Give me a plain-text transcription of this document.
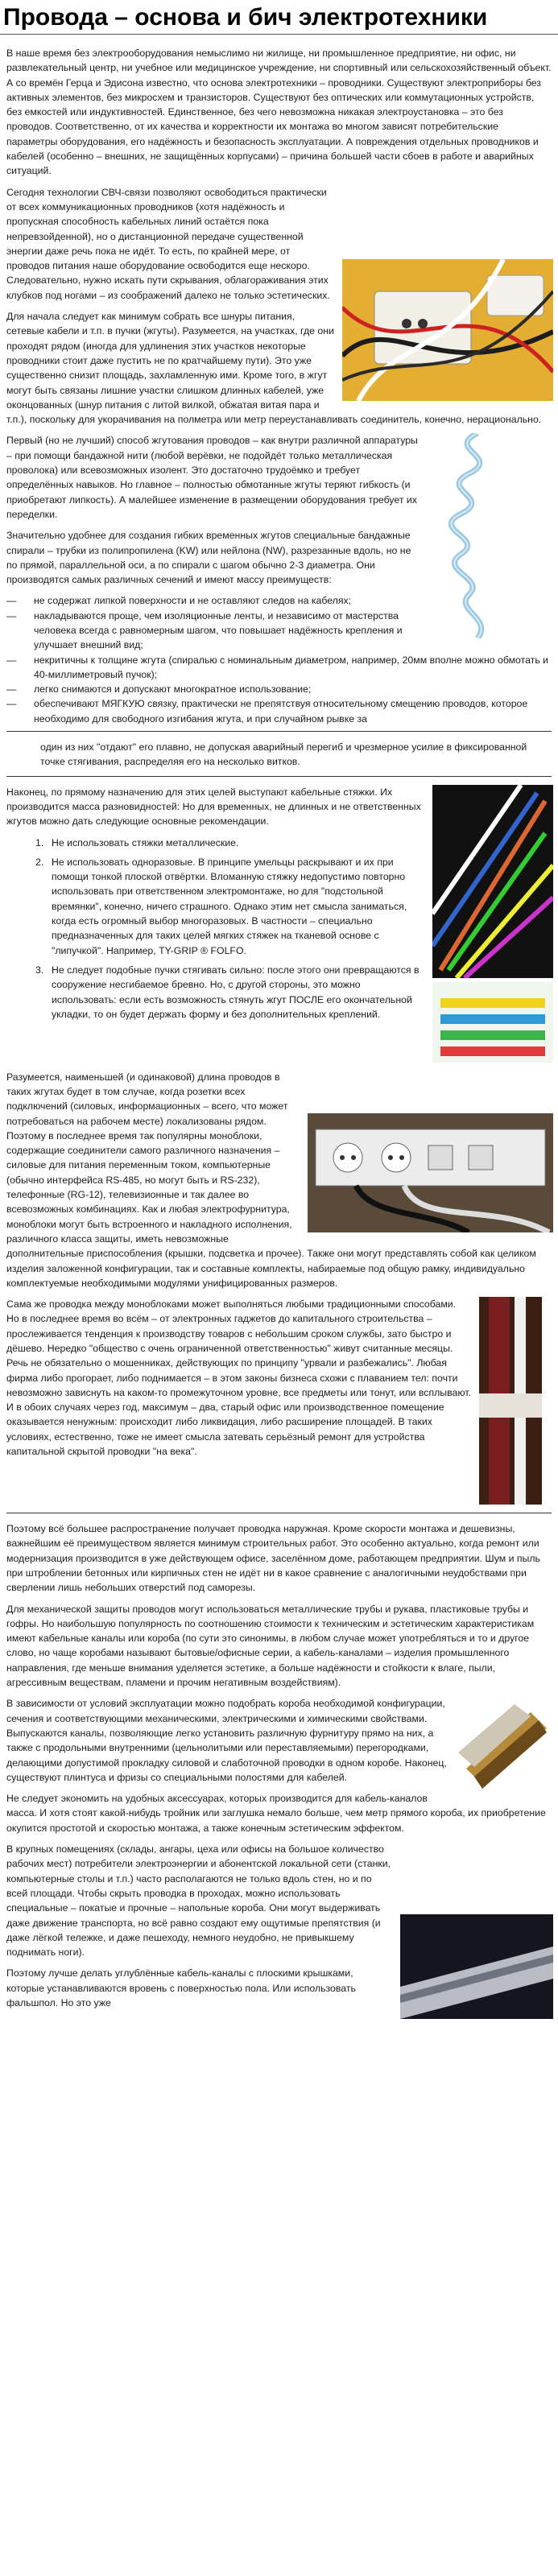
Провода – основа и бич электротехники

В наше время без электрооборудования немыслимо ни жилище, ни промышленное предприятие, ни офис, ни развлекательный центр, ни учебное или медицинское учреждение, ни спортивный или сельскохозяйственный объект. А со времён Герца и Эдисона известно, что основа электротехники – проводники. Существуют электроприборы без активных элементов, без микросхем и транзисторов. Существуют без оптических или коммутационных устройств, без емкостей или индуктивностей. Единственное, без чего невозможна никакая электроустановка – это без проводов. Соответственно, от их качества и корректности их монтажа во многом зависят потребительские параметры оборудования, его надёжность и безопасность эксплуатации. А повреждения отдельных проводников и кабелей (особенно – внешних, не защищённых корпусами) – причина большей части сбоев в работе и аварийных ситуаций.

Сегодня технологии СВЧ-связи позволяют освободиться практически от всех коммуникационных проводников (хотя надёжность и пропускная способность кабельных линий остаётся пока непревзойденной), но о дистанционной передаче существенной энергии даже речь пока не идёт. То есть, по крайней мере, от проводов питания наше оборудование освободится еще нескоро. Следовательно, нужно искать пути скрывания, облагораживания этих клубков под ногами – из соображений далеко не только эстетических.

Для начала следует как минимум собрать все шнуры питания, сетевые кабели и т.п. в пучки (жгуты). Разумеется, на участках, где они проходят рядом (иногда для удлинения этих участков некоторые проводники стоит даже пустить не по кратчайшему пути). Это уже существенно снизит площадь, захламленную ими. Кроме того, в жгут могут быть связаны лишние участки слишком длинных кабелей, уже оконцованных (шнур питания с литой вилкой, обжатая витая пара и т.п.), поскольку для укорачивания на полметра или метр переустанавливать соединитель, конечно, нерационально.

Первый (но не лучший) способ жгутования проводов – как внутри различной аппаратуры – при помощи бандажной нити (любой верёвки, не подойдёт только металлическая проволока) или всевозможных изолент. Это достаточно трудоёмко и требует определённых навыков. Но главное – полностью обмотанные жгуты теряют гибкость (и приобретают липкость). А малейшее изменение в размещении оборудования требует их переделки.

Значительно удобнее для создания гибких временных жгутов специальные бандажные спирали – трубки из полипропилена (KW) или нейлона (NW), разрезанные вдоль, но не по прямой, параллельной оси, а по спирали с шагом обычно 2-3 диаметра. Они производятся самых различных сечений и имеют массу преимуществ:

— не содержат липкой поверхности и не оставляют следов на кабелях;
— накладываются проще, чем изоляционные ленты, и независимо от мастерства человека всегда с равномерным шагом, что повышает надёжность крепления и улучшает внешний вид;
— некритичны к толщине жгута (спиралью с номинальным диаметром, например, 20мм вполне можно обмотать и 40-миллиметровый пучок);
— легко снимаются и допускают многократное использование;
— обеспечивают МЯГКУЮ связку, практически не препятствуя относительному смещению проводов, которое необходимо для свободного изгибания жгута, и при случайном рывке за

один из них "отдают" его плавно, не допуская аварийный перегиб и чрезмерное усилие в фиксированной точке стягивания, распределяя его на несколько витков.

Наконец, по прямому назначению для этих целей выступают кабельные стяжки. Их производится масса разновидностей: Но для временных, не длинных и не ответственных жгутов можно дать следующие основные рекомендации.

1. Не использовать стяжки металлические.
2. Не использовать одноразовые. В принципе умельцы раскрывают и их при помощи тонкой плоской отвёртки. Вломанную стяжку недопустимо повторно использовать при ответственном электромонтаже, но для "подстольной времянки", конечно, ничего страшного. Однако этим нет смысла заниматься, когда есть огромный выбор многоразовых. В частности – специально предназначенных для таких целей мягких стяжек на тканевой основе с "липучкой". Например, TY-GRIP ® FOLFO.
3. Не следует подобные пучки стягивать сильно: после этого они превращаются в сооружение несгибаемое бревно. Но, с другой стороны, это можно использовать: если есть возможность стянуть жгут ПОСЛЕ его окончательной укладки, то он будет держать форму и без дополнительных креплений.

Разумеется, наименьшей (и одинаковой) длина проводов в таких жгутах будет в том случае, когда розетки всех подключений (силовых, информационных – всего, что может потребоваться на рабочем месте) локализованы рядом. Поэтому в последнее время так популярны моноблоки, содержащие соединители самого различного назначения – силовые для питания переменным током, компьютерные (обычно интерфейса RS-485, но могут быть и RS-232), телефонные (RG-12), телевизионные и так далее во всевозможных комбинациях. Как и любая электрофурнитура, моноблоки могут быть встроенного и накладного исполнения, различного класса защиты, иметь невозможные дополнительные приспособления (крышки, подсветка и прочее). Также они могут представлять собой как целиком изделия заложенной конфигурации, так и составные комплекты, набираемые под общую рамку, индивидуально комплектуемые необходимыми модулями унифицированных размеров.

Сама же проводка между моноблоками может выполняться любыми традиционными способами. Но в последнее время во всём – от электронных гаджетов до капитального строительства – прослеживается тенденция к производству товаров с небольшим сроком службы, зато быстро и дёшево. Нередко "общество с очень ограниченной ответственностью" живут считанные месяцы. Речь не обязательно о мошенниках, действующих по принципу "урвали и разбежались". Любая фирма либо прогорает, либо поднимается – в этом законы бизнеса схожи с плаванием тел: почти невозможно зависнуть на каком-то промежуточном уровне, все предметы или тонут, или всплывают. И в обоих случаях через год, максимум – два, старый офис или производственное помещение оказывается ненужным: происходит либо ликвидация, либо расширение площадей. В таких условиях, естественно, тоже не имеет смысла затевать серьёзный ремонт для устройства капитальной скрытой проводки "на века".

Поэтому всё большее распространение получает проводка наружная. Кроме скорости монтажа и дешевизны, важнейшим её преимуществом является минимум строительных работ. Это особенно актуально, когда ремонт или модернизация производится в уже действующем офисе, заселённом доме, работающем предприятии. Шум и пыль при штроблении бетонных или кирпичных стен не идёт ни в какое сравнение с аналогичными неудобствами при сверлении лишь небольших отверстий под саморезы.

Для механической защиты проводов могут использоваться металлические трубы и рукава, пластиковые трубы и гофры. Но наибольшую популярность по соотношению стоимости к техническим и эстетическим характеристикам имеют кабельные каналы или короба (по сути это синонимы, в любом случае может употребляться и то и другое слово, но чаще коробами называют бытовые/офисные серии, а кабель-каналами – изделия промышленного направления, где меньше внимания уделяется эстетике, а больше надёжности и стойкости к влаге, пыли, агрессивным веществам, пламени и прочим негативным воздействиям).

В зависимости от условий эксплуатации можно подобрать короба необходимой конфигурации, сечения и соответствующими механическими, электрическими и химическими свойствами. Выпускаются каналы, позволяющие легко установить различную фурнитуру прямо на них, а также с продольными внутренними (цельнолитыми или переставляемыми) перегородками, делающими допустимой прокладку силовой и слаботочной проводки в одном коробе. Наконец, существуют плинтуса и фризы со специальными полостями для кабелей.

Не следует экономить на удобных аксессуарах, которых производится для кабель-каналов масса. И хотя стоят какой-нибудь тройник или заглушка немало больше, чем метр прямого короба, их приобретение окупится простотой и скоростью монтажа, а также конечным эстетическим эффектом.

В крупных помещениях (склады, ангары, цеха или офисы на большое количество рабочих мест) потребители электроэнергии и абонентской локальной сети (станки, компьютерные столы и т.п.) часто располагаются не только вдоль стен, но и по всей площади. Чтобы скрыть проводка в проходах, можно использовать специальные – покатые и прочные – напольные короба. Они могут выдерживать даже движение транспорта, но всё равно создают ему ощутимые препятствия (и даже лёгкой тележке, и даже пешеходу, немного неудобно, не привыкшему поднимать ноги).

Поэтому лучше делать углублённые кабель-каналы с плоскими крышками, которые устанавливаются вровень с поверхностью пола. Или использовать фальшпол. Но это уже
